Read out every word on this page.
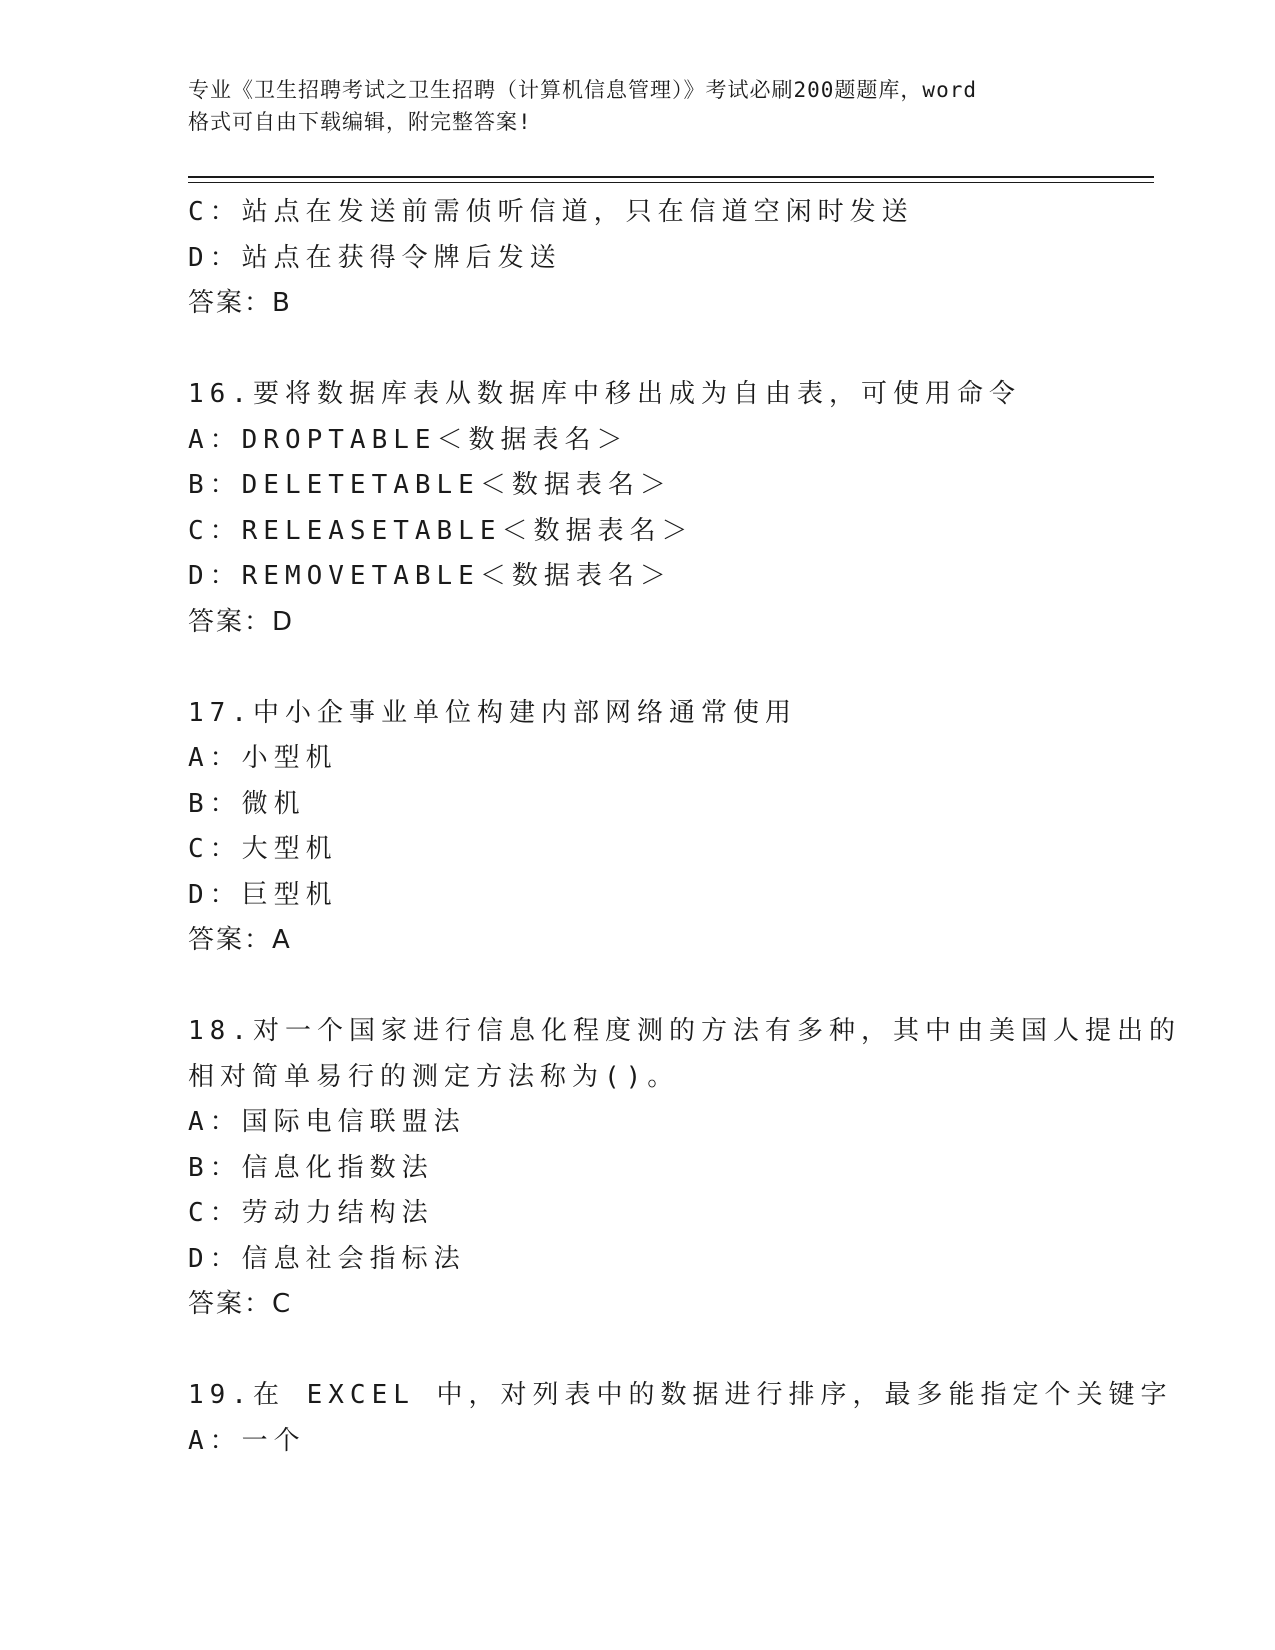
专业《卫生招聘考试之卫生招聘（计算机信息管理）》考试必刷200题题库，word
格式可自由下载编辑，附完整答案!
C：站点在发送前需侦听信道，只在信道空闲时发送
D：站点在获得令牌后发送
答案：B
16.要将数据库表从数据库中移出成为自由表，可使用命令
A：DROPTABLE＜数据表名＞
B：DELETETABLE＜数据表名＞
C：RELEASETABLE＜数据表名＞
D：REMOVETABLE＜数据表名＞
答案：D
17.中小企事业单位构建内部网络通常使用
A：小型机
B：微机
C：大型机
D：巨型机
答案：A
18.对一个国家进行信息化程度测的方法有多种，其中由美国人提出的
相对简单易行的测定方法称为()。
A：国际电信联盟法
B：信息化指数法
C：劳动力结构法
D：信息社会指标法
答案：C
19.在 EXCEL 中，对列表中的数据进行排序，最多能指定个关键字
A：一个
